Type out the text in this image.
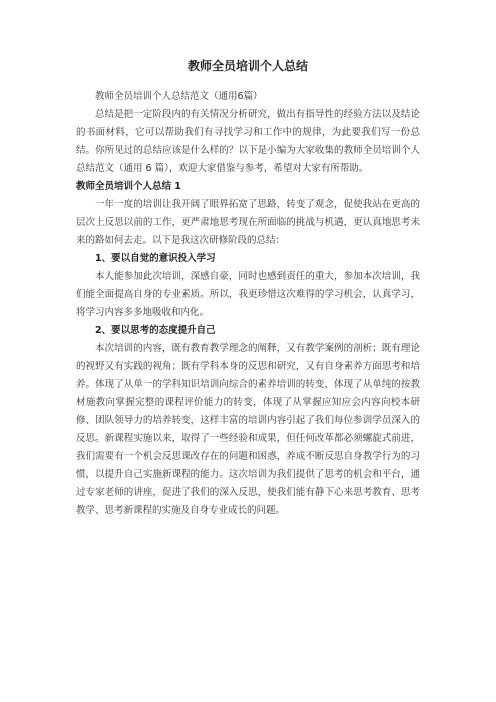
教师全员培训个人总结

教师全员培训个人总结范文（通用6篇）

总结是把一定阶段内的有关情况分析研究，做出有指导性的经验方法以及结论的书面材料，它可以帮助我们有寻找学习和工作中的规律，为此要我们写一份总结。你所见过的总结应该是什么样的？以下是小编为大家收集的教师全员培训个人总结范文（通用 6 篇），欢迎大家借鉴与参考，希望对大家有所帮助。

教师全员培训个人总结 1

一年一度的培训让我开阔了眼界拓宽了思路，转变了观念，促使我站在更高的层次上反思以前的工作，更严肃地思考现在所面临的挑战与机遇，更认真地思考未来的路如何去走。以下是我这次研修阶段的总结：

1、要以自觉的意识投入学习

本人能参加此次培训，深感自豪，同时也感到责任的重大，参加本次培训，我们能全面提高自身的专业素质。所以，我更珍惜这次难得的学习机会，认真学习，将学习内容多多地吸收和内化。

2、要以思考的态度提升自己

本次培训的内容，既有教育教学理念的阐释，又有教学案例的剖析；既有理论的视野又有实践的视角；既有学科本身的反思和研究，又有自身素养方面思考和培养。体现了从单一的学科知识培训向综合的素养培训的转变，体现了从单纯的按教材施教向掌握完整的课程评价能力的转变，体现了从掌握应知应会内容向校本研修、团队领导力的培养转变，这样丰富的培训内容引起了我们每位参训学员深入的反思。新课程实施以来，取得了一些经验和成果，但任何改革都必须螺旋式前进，我们需要有一个机会反思课改存在的问题和困惑，养成不断反思自身教学行为的习惯，以提升自己实施新课程的能力。这次培训为我们提供了思考的机会和平台，通过专家老师的讲座，促进了我们的深入反思，使我们能有静下心来思考教育、思考教学、思考新课程的实施及自身专业成长的问题。
